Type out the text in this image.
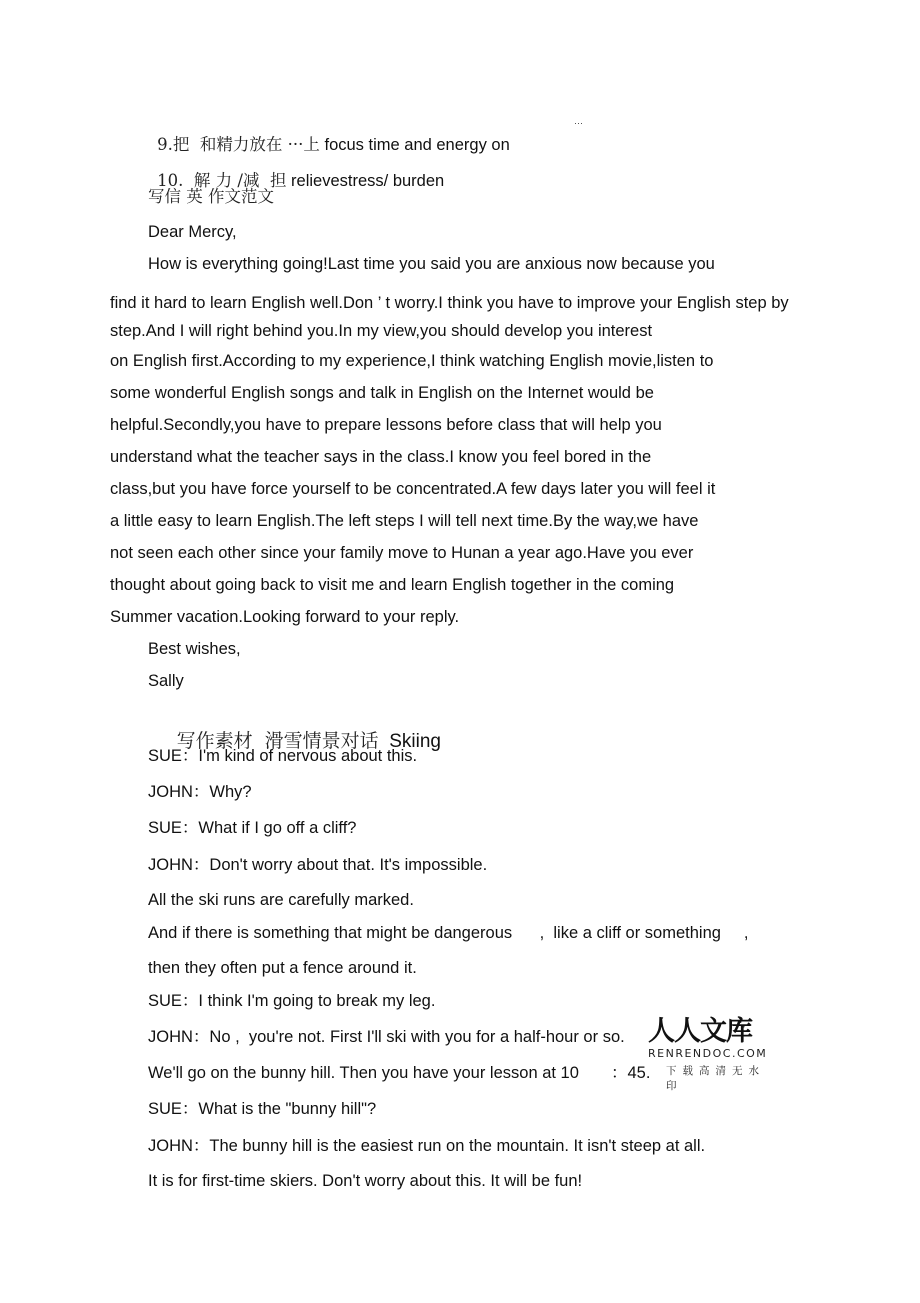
9.把  和精力放在 ···上 focus time and energy on

···

10.  解 力 /减  担 relievestress/ burden

写信 英 作文范文
Dear Mercy,
How is everything going!Last time you said you are anxious now because you
find it hard to learn English well.Don ’ t worry.I think you have to improve your English step by
step.And I will right behind you.In my view,you should develop you interest
on English first.According to my experience,I think watching English movie,listen to
some wonderful English songs and talk in English on the Internet would be
helpful.Secondly,you have to prepare lessons before class that will help you
understand what the teacher says in the class.I know you feel bored in the
class,but you have force yourself to be concentrated.A few days later you will feel it
a little easy to learn English.The left steps I will tell next time.By the way,we have
not seen each other since your family move to Hunan a year ago.Have you ever
thought about going back to visit me and learn English together in the coming
Summer vacation.Looking forward to your reply.
Best wishes,
Sally

写作素材  滑雪情景对话 Skiing

SUE：I'm kind of nervous about this.
JOHN：Why?
SUE：What if I go off a cliff?
JOHN：Don't worry about that. It's impossible.
All the ski runs are carefully marked.
And if there is something that might be dangerous      ,  like a cliff or something     ,
then they often put a fence around it.
SUE：I think I'm going to break my leg.
JOHN：No ,  you're not. First I'll ski with you for a half-hour or so.
We'll go on the bunny hill. Then you have your lesson at 10       ：45.
SUE：What is the "bunny hill"?
JOHN：The bunny hill is the easiest run on the mountain. It isn't steep at all.
It is for first-time skiers. Don't worry about this. It will be fun!
人人文库
RENRENDOC.COM
下载高清无水印
